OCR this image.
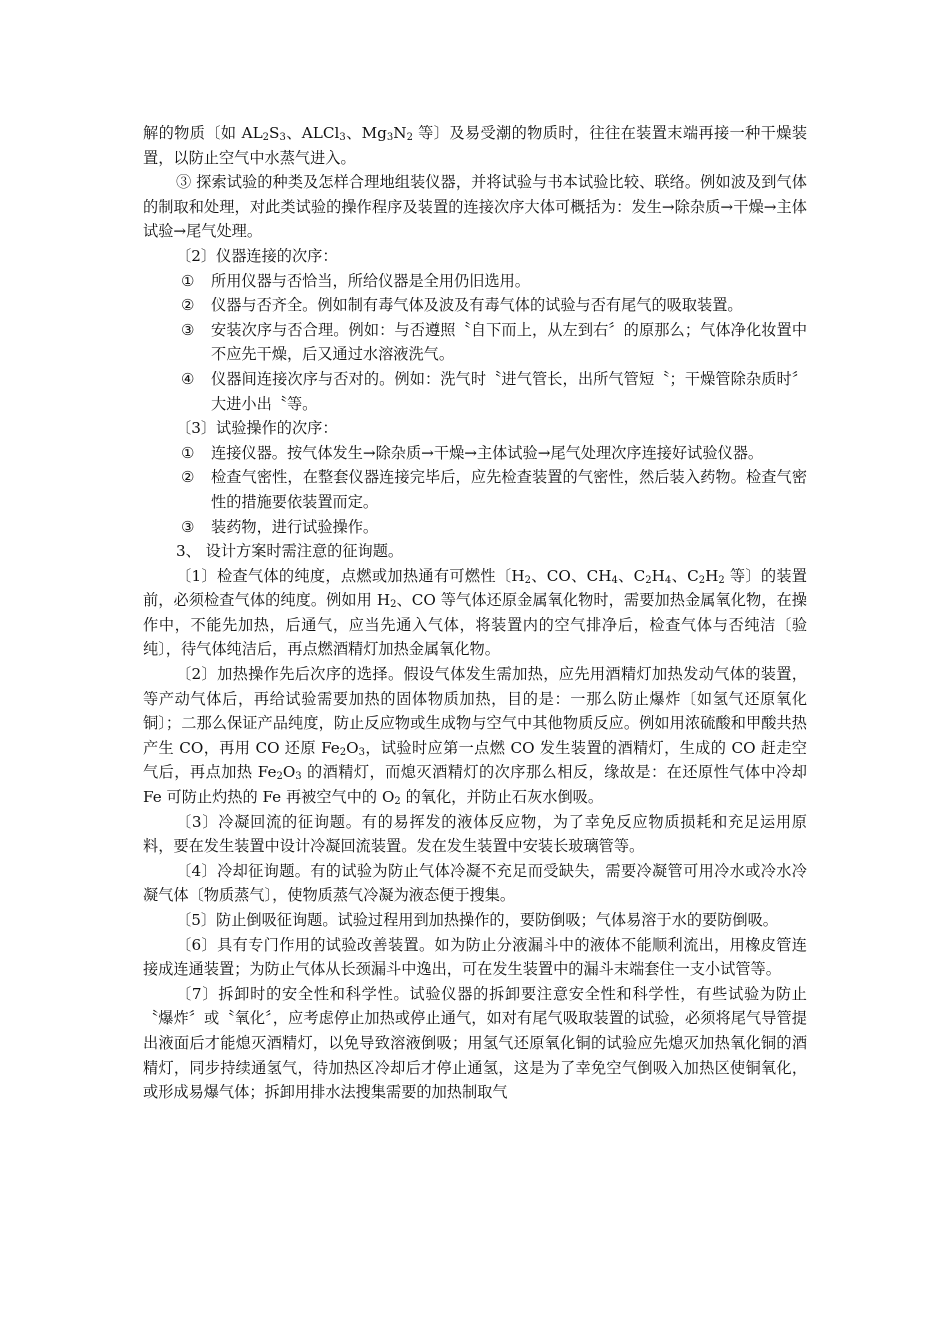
解的物质〔如 $AL_2S_3$、ALCl$_3$、$Mg_3N_2$ 等〕及易受潮的物质时，往往在装置末端再接一种干燥装置，以防止空气中水蒸气进入。

③ 探索试验的种类及怎样合理地组装仪器，并将试验与书本试验比较、联络。例如波及到气体的制取和处理，对此类试验的操作程序及装置的连接次序大体可概括为：发生→除杂质→干燥→主体试验→尾气处理。

〔2〕仪器连接的次序：

①	所用仪器与否恰当，所给仪器是全用仍旧选用。
②	仪器与否齐全。例如制有毒气体及波及有毒气体的试验与否有尾气的吸取装置。
③	安装次序与否合理。例如：与否遵照〝自下而上，从左到右〞的原那么；气体净化妆置中不应先干燥，后又通过水溶液洗气。
④	仪器间连接次序与否对的。例如：洗气时〝进气管长，出所气管短〝；干燥管除杂质时〞大进小出〝等。

〔3〕试验操作的次序：

①	连接仪器。按气体发生→除杂质→干燥→主体试验→尾气处理次序连接好试验仪器。
②	检查气密性，在整套仪器连接完毕后，应先检查装置的气密性，然后装入药物。检查气密性的措施要依装置而定。
③	装药物，进行试验操作。

3、 设计方案时需注意的征询题。

〔1〕检查气体的纯度，点燃或加热通有可燃性〔$H_2$、CO、$CH_4$、$C_2H_4$、$C_2H_2$ 等〕的装置前，必须检查气体的纯度。例如用 $H_2$、CO 等气体还原金属氧化物时，需要加热金属氧化物，在操作中，不能先加热，后通气，应当先通入气体，将装置内的空气排净后，检查气体与否纯洁〔验纯〕，待气体纯洁后，再点燃酒精灯加热金属氧化物。

〔2〕加热操作先后次序的选择。假设气体发生需加热，应先用酒精灯加热发动气体的装置，等产动气体后，再给试验需要加热的固体物质加热，目的是：一那么防止爆炸〔如氢气还原氧化铜〕；二那么保证产品纯度，防止反应物或生成物与空气中其他物质反应。例如用浓硫酸和甲酸共热产生 CO，再用 CO 还原 $Fe_2O_3$，试验时应第一点燃 CO 发生装置的酒精灯，生成的 CO 赶走空气后，再点加热 $Fe_2O_3$ 的酒精灯，而熄灭酒精灯的次序那么相反，缘故是：在还原性气体中冷却 Fe 可防止灼热的 Fe 再被空气中的 $O_2$ 的氧化，并防止石灰水倒吸。

〔3〕冷凝回流的征询题。有的易挥发的液体反应物，为了幸免反应物质损耗和充足运用原料，要在发生装置中设计冷凝回流装置。发在发生装置中安装长玻璃管等。

〔4〕冷却征询题。有的试验为防止气体冷凝不充足而受缺失，需要冷凝管可用冷水或冷水冷凝气体〔物质蒸气〕，使物质蒸气冷凝为液态便于搜集。

〔5〕防止倒吸征询题。试验过程用到加热操作的，要防倒吸；气体易溶于水的要防倒吸。

〔6〕具有专门作用的试验改善装置。如为防止分液漏斗中的液体不能顺利流出，用橡皮管连接成连通装置；为防止气体从长颈漏斗中逸出，可在发生装置中的漏斗末端套住一支小试管等。

〔7〕拆卸时的安全性和科学性。试验仪器的拆卸要注意安全性和科学性，有些试验为防止〝爆炸〞或〝氧化〞，应考虑停止加热或停止通气，如对有尾气吸取装置的试验，必须将尾气导管提出液面后才能熄灭酒精灯，以免导致溶液倒吸；用氢气还原氧化铜的试验应先熄灭加热氧化铜的酒精灯，同步持续通氢气，待加热区冷却后才停止通氢，这是为了幸免空气倒吸入加热区使铜氧化，或形成易爆气体；拆卸用排水法搜集需要的加热制取气
